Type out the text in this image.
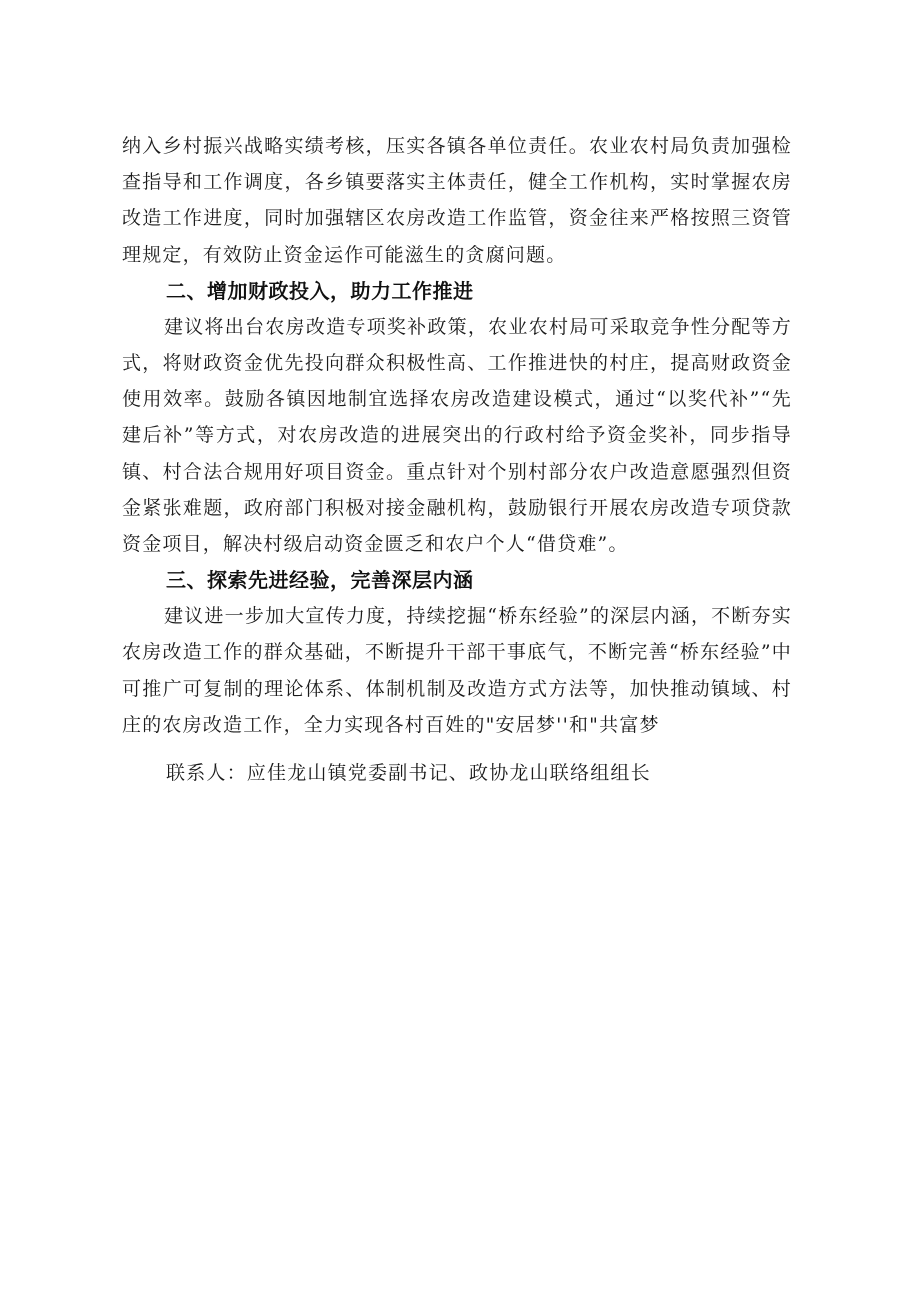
纳入乡村振兴战略实绩考核，压实各镇各单位责任。农业农村局负责加强检查指导和工作调度，各乡镇要落实主体责任，健全工作机构，实时掌握农房改造工作进度，同时加强辖区农房改造工作监管，资金往来严格按照三资管理规定，有效防止资金运作可能滋生的贪腐问题。

二、增加财政投入，助力工作推进

建议将出台农房改造专项奖补政策，农业农村局可采取竞争性分配等方式，将财政资金优先投向群众积极性高、工作推进快的村庄，提高财政资金使用效率。鼓励各镇因地制宜选择农房改造建设模式，通过“以奖代补”“先建后补”等方式，对农房改造的进展突出的行政村给予资金奖补，同步指导镇、村合法合规用好项目资金。重点针对个别村部分农户改造意愿强烈但资金紧张难题，政府部门积极对接金融机构，鼓励银行开展农房改造专项贷款资金项目，解决村级启动资金匮乏和农户个人“借贷难”。

三、探索先进经验，完善深层内涵

建议进一步加大宣传力度，持续挖掘“桥东经验”的深层内涵，不断夯实农房改造工作的群众基础，不断提升干部干事底气，不断完善“桥东经验”中可推广可复制的理论体系、体制机制及改造方式方法等，加快推动镇域、村庄的农房改造工作，全力实现各村百姓的"安居梦''和"共富梦

联系人：应佳龙山镇党委副书记、政协龙山联络组组长
